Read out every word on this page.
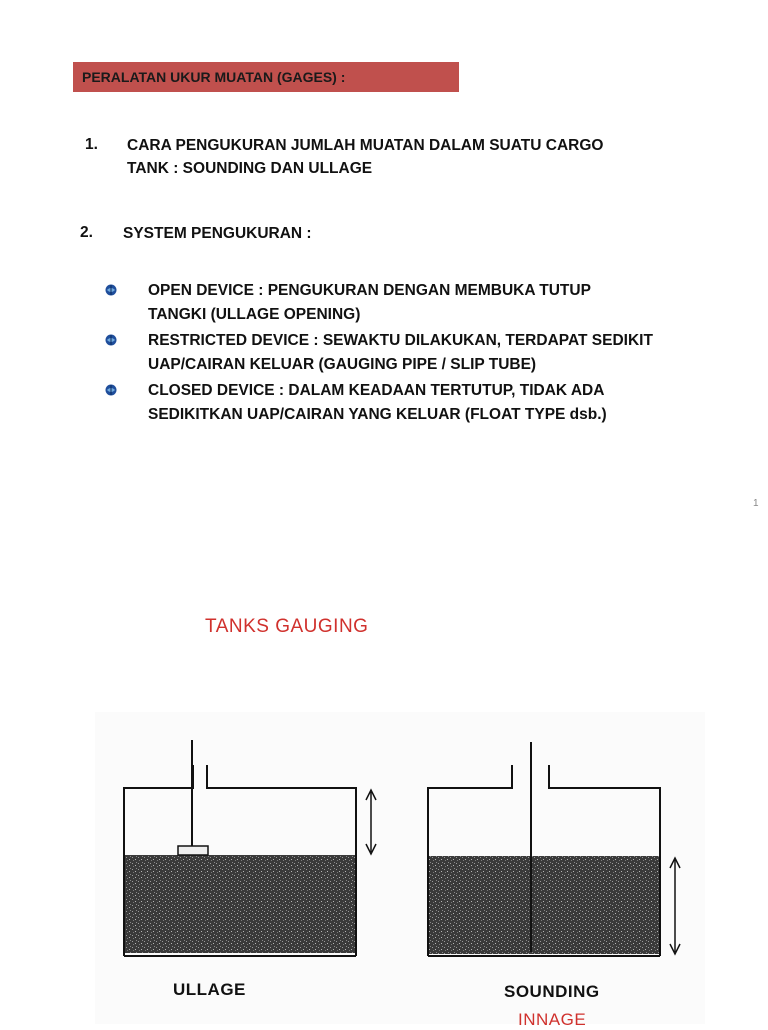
PERALATAN UKUR MUATAN (GAGES) :
1. CARA PENGUKURAN JUMLAH MUATAN DALAM SUATU CARGO
TANK : SOUNDING DAN ULLAGE
2. SYSTEM PENGUKURAN :
OPEN DEVICE : PENGUKURAN DENGAN MEMBUKA TUTUP
TANGKI (ULLAGE OPENING)
RESTRICTED DEVICE : SEWAKTU DILAKUKAN, TERDAPAT SEDIKIT
UAP/CAIRAN KELUAR (GAUGING PIPE / SLIP TUBE)
CLOSED DEVICE : DALAM KEADAAN TERTUTUP, TIDAK ADA
SEDIKITKAN UAP/CAIRAN YANG KELUAR (FLOAT TYPE dsb.)
1
TANKS GAUGING
ULLAGE	SOUNDING
INNAGE
